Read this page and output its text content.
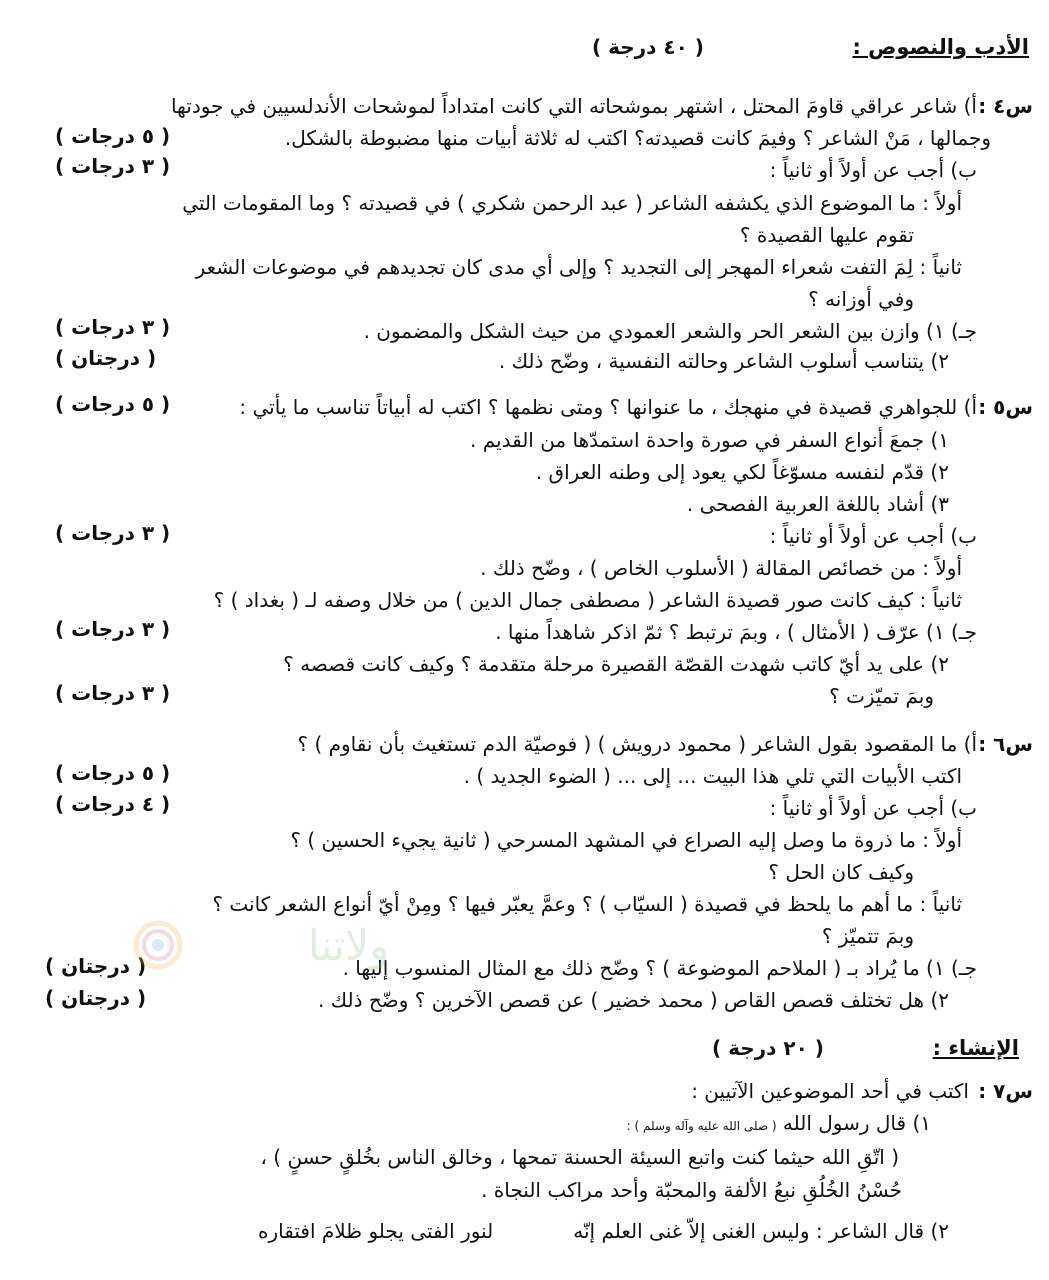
الأدب والنصوص :
( ٤٠ درجة )
س٤ :
أ) شاعر عراقي قاومَ المحتل ، اشتهر بموشحاته التي كانت امتداداً لموشحات الأندلسيين في جودتها
وجمالها ، مَنْ الشاعر ؟ وفيمَ كانت قصيدته؟ اكتب له ثلاثة أبيات منها مضبوطة بالشكل.
( ٥ درجات )
ب) أجب عن أولاً أو ثانياً :
( ٣ درجات )
أولاً : ما الموضوع الذي يكشفه الشاعر ( عبد الرحمن شكري ) في قصيدته ؟ وما المقومات التي
تقوم عليها القصيدة ؟
ثانياً : لِمَ التفت شعراء المهجر إلى التجديد ؟ وإلى أي مدى كان تجديدهم في موضوعات الشعر
وفي أوزانه ؟
جـ) ١) وازن بين الشعر الحر والشعر العمودي من حيث الشكل والمضمون .
( ٣ درجات )
٢) يتناسب أسلوب الشاعر وحالته النفسية ، وضّح ذلك .
( درجتان )
س٥ :
أ) للجواهري قصيدة في منهجك ، ما عنوانها ؟ ومتى نظمها ؟ اكتب له أبياتاً تناسب ما يأتي :
( ٥ درجات )
١) جمعَ أنواع السفر في صورة واحدة استمدّها من القديم .
٢) قدّم لنفسه مسوّغاً لكي يعود إلى وطنه العراق .
٣) أشاد باللغة العربية الفصحى .
ب) أجب عن أولاً أو ثانياً :
( ٣ درجات )
أولاً : من خصائص المقالة ( الأسلوب الخاص ) ، وضّح ذلك .
ثانياً : كيف كانت صور قصيدة الشاعر ( مصطفى جمال الدين ) من خلال وصفه لـ ( بغداد ) ؟
جـ) ١) عرّف ( الأمثال ) ، وبمَ ترتبط ؟ ثمّ اذكر شاهداً منها .
( ٣ درجات )
٢) على يد أيّ كاتب شهدت القصّة القصيرة مرحلة متقدمة ؟ وكيف كانت قصصه ؟
وبمَ تميّزت ؟
( ٣ درجات )
س٦ :
أ) ما المقصود بقول الشاعر ( محمود درويش ) ( فوصيّة الدم تستغيث بأن نقاوم ) ؟
اكتب الأبيات التي تلي هذا البيت ... إلى ... ( الضوء الجديد ) .
( ٥ درجات )
ب) أجب عن أولاً أو ثانياً :
( ٤ درجات )
أولاً : ما ذروة ما وصل إليه الصراع في المشهد المسرحي ( ثانية يجيء الحسين ) ؟
وكيف كان الحل ؟
ثانياً : ما أهم ما يلحظ في قصيدة ( السيّاب ) ؟ وعمَّ يعبّر فيها ؟ ومِنْ أيّ أنواع الشعر كانت ؟
وبمَ تتميّز ؟
جـ) ١) ما يُراد بـ ( الملاحم الموضوعة ) ؟ وضّح ذلك مع المثال المنسوب إليها .
( درجتان )
٢) هل تختلف قصص القاص ( محمد خضير ) عن قصص الآخرين ؟ وضّح ذلك .
( درجتان )
ولاتنا
الإنشاء :
( ٢٠ درجة )
س٧ :
اكتب في أحد الموضوعين الآتيين :
١) قال رسول الله ( صلى الله عليه وآله وسلم ) :
( اتّقِ الله حيثما كنت واتبع السيئة الحسنة تمحها ، وخالق الناس بخُلقٍ حسنٍ ) ،
حُسْنُ الخُلُقِ نبعُ الألفة والمحبّة وأحد مراكب النجاة .
٢) قال الشاعر : وليس الغنى إلاّ غنى العلم إنّه
لنور الفتى يجلو ظلامَ افتقاره
